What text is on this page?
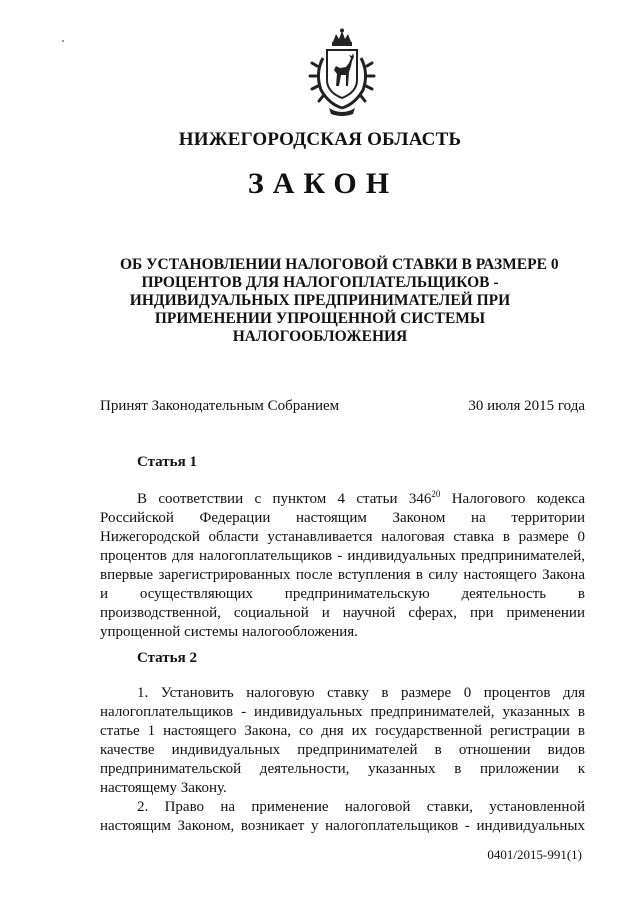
НИЖЕГОРОДСКАЯ ОБЛАСТЬ
ЗАКОН
ОБ УСТАНОВЛЕНИИ НАЛОГОВОЙ СТАВКИ В РАЗМЕРЕ 0
ПРОЦЕНТОВ ДЛЯ НАЛОГОПЛАТЕЛЬЩИКОВ -
ИНДИВИДУАЛЬНЫХ ПРЕДПРИНИМАТЕЛЕЙ ПРИ
ПРИМЕНЕНИИ УПРОЩЕННОЙ СИСТЕМЫ
НАЛОГООБЛОЖЕНИЯ
Принят Законодательным Собранием	30 июля 2015 года
Статья 1
В соответствии с пунктом 4 статьи $346^{20}$ Налогового кодекса
Российской Федерации настоящим Законом на территории
Нижегородской области устанавливается налоговая ставка в размере 0
процентов для налогоплательщиков - индивидуальных предпринимателей,
впервые зарегистрированных после вступления в силу настоящего Закона
и осуществляющих предпринимательскую деятельность в
производственной, социальной и научной сферах, при применении
упрощенной системы налогообложения.
Статья 2
1. Установить налоговую ставку в размере 0 процентов для
налогоплательщиков - индивидуальных предпринимателей, указанных в
статье 1 настоящего Закона, со дня их государственной регистрации в
качестве индивидуальных предпринимателей в отношении видов
предпринимательской деятельности, указанных в приложении к
настоящему Закону.
2. Право на применение налоговой ставки, установленной
настоящим Законом, возникает у налогоплательщиков - индивидуальных
0401/2015-991(1)
